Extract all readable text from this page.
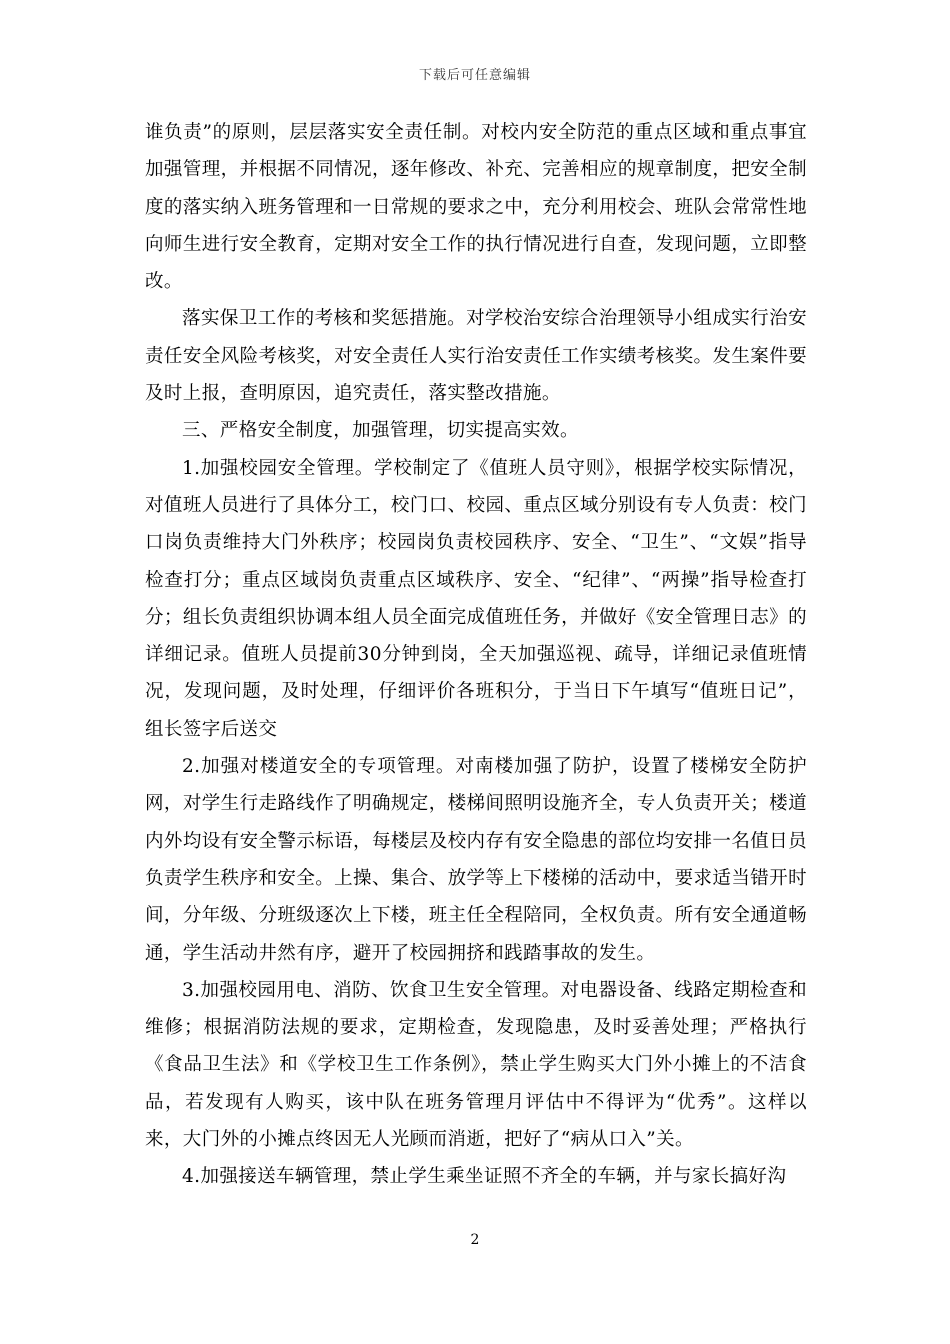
下载后可任意编辑

谁负责”的原则，层层落实安全责任制。对校内安全防范的重点区域和重点事宜加强管理，并根据不同情况，逐年修改、补充、完善相应的规章制度，把安全制度的落实纳入班务管理和一日常规的要求之中，充分利用校会、班队会常常性地向师生进行安全教育，定期对安全工作的执行情况进行自查，发现问题，立即整改。

落实保卫工作的考核和奖惩措施。对学校治安综合治理领导小组成实行治安责任安全风险考核奖，对安全责任人实行治安责任工作实绩考核奖。发生案件要及时上报，查明原因，追究责任，落实整改措施。

三、严格安全制度，加强管理，切实提高实效。

1.加强校园安全管理。学校制定了《值班人员守则》，根据学校实际情况，对值班人员进行了具体分工，校门口、校园、重点区域分别设有专人负责：校门口岗负责维持大门外秩序；校园岗负责校园秩序、安全、“卫生”、“文娱”指导检查打分；重点区域岗负责重点区域秩序、安全、“纪律”、“两操”指导检查打分；组长负责组织协调本组人员全面完成值班任务，并做好《安全管理日志》的详细记录。值班人员提前30分钟到岗，全天加强巡视、疏导，详细记录值班情况，发现问题，及时处理，仔细评价各班积分，于当日下午填写“值班日记”，组长签字后送交

2.加强对楼道安全的专项管理。对南楼加强了防护，设置了楼梯安全防护网，对学生行走路线作了明确规定，楼梯间照明设施齐全，专人负责开关；楼道内外均设有安全警示标语，每楼层及校内存有安全隐患的部位均安排一名值日员负责学生秩序和安全。上操、集合、放学等上下楼梯的活动中，要求适当错开时间，分年级、分班级逐次上下楼，班主任全程陪同，全权负责。所有安全通道畅通，学生活动井然有序，避开了校园拥挤和践踏事故的发生。

3.加强校园用电、消防、饮食卫生安全管理。对电器设备、线路定期检查和维修；根据消防法规的要求，定期检查，发现隐患，及时妥善处理；严格执行《食品卫生法》和《学校卫生工作条例》，禁止学生购买大门外小摊上的不洁食品，若发现有人购买，该中队在班务管理月评估中不得评为“优秀”。这样以来，大门外的小摊点终因无人光顾而消逝，把好了“病从口入”关。

4.加强接送车辆管理，禁止学生乘坐证照不齐全的车辆，并与家长搞好沟

2
